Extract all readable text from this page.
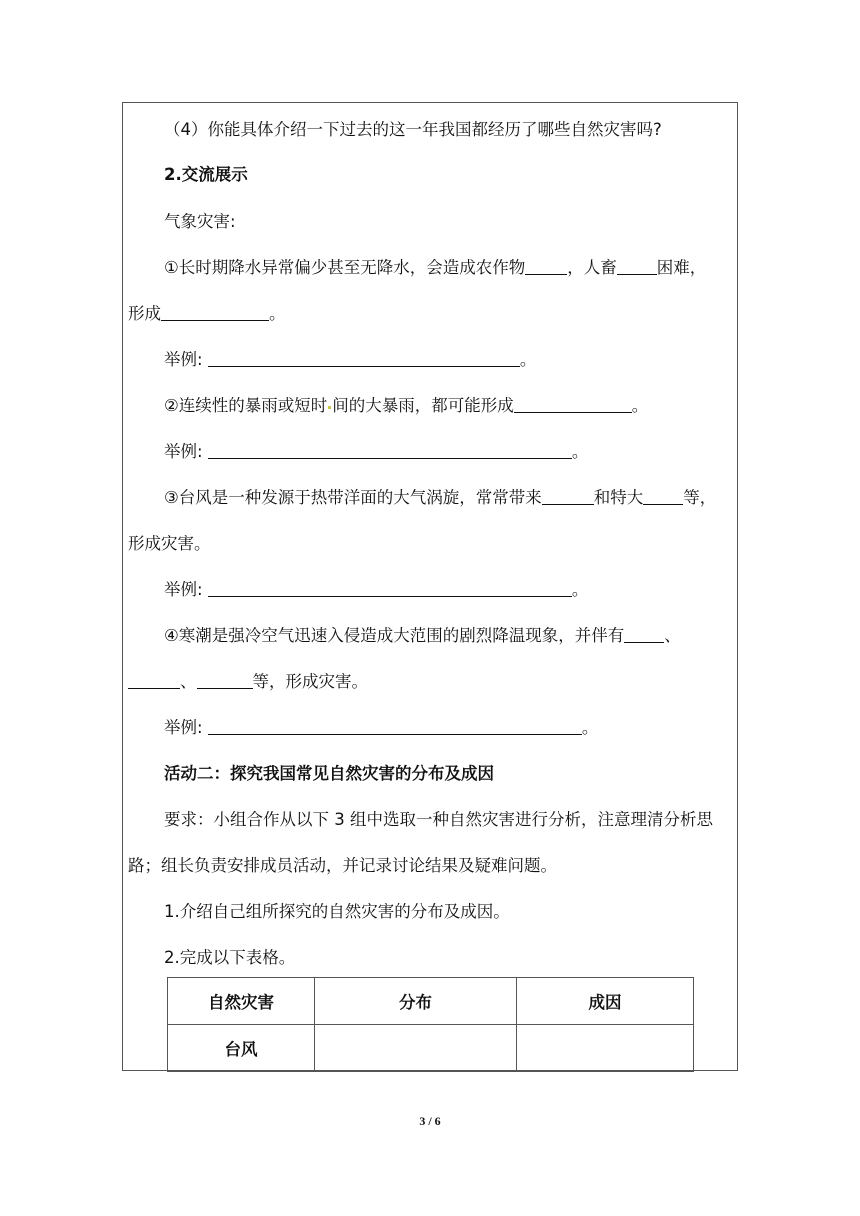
（4）你能具体介绍一下过去的这一年我国都经历了哪些自然灾害吗?
2.交流展示
气象灾害:
①长时期降水异常偏少甚至无降水，会造成农作物	，人畜 困难，
形成	。
举例:	。
②连续性的暴雨或短时 间的大暴雨，都可能形成	。
举例:	。
③台风是一种发源于热带洋面的大气涡旋，常常带来	和特大 等，
形成灾害。
举例:	。
④寒潮是强冷空气迅速入侵造成大范围的剧烈降温现象，并伴有 、
、	等，形成灾害。
举例:	。
活动二：探究我国常见自然灾害的分布及成因
要求：小组合作从以下 3 组中选取一种自然灾害进行分析，注意理清分析思
路；组长负责安排成员活动，并记录讨论结果及疑难问题。
1.介绍自己组所探究的自然灾害的分布及成因。
2.完成以下表格。
自然灾害	分布	成因
台风		
3 / 6
